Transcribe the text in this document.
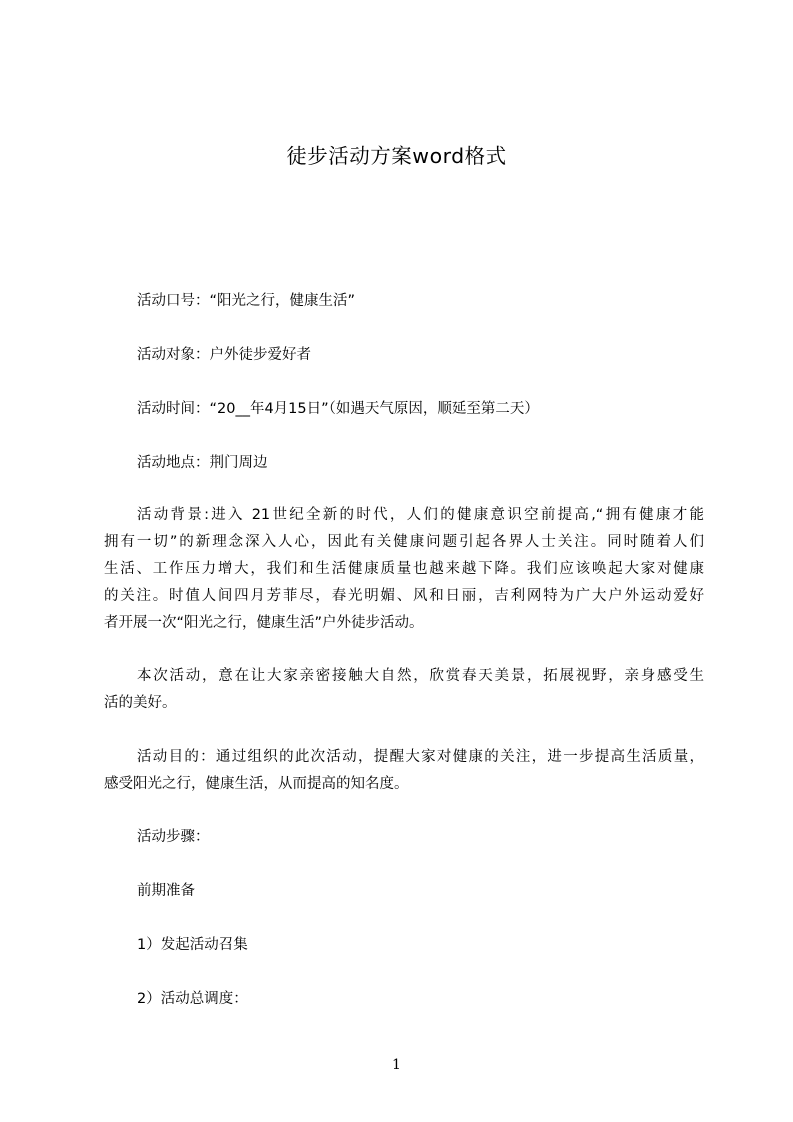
徒步活动方案word格式
活动口号：“阳光之行，健康生活”
活动对象：户外徒步爱好者
活动时间：“20__年4月15日”（如遇天气原因，顺延至第二天）
活动地点：荆门周边
活动背景:进入 21世纪全新的时代，人们的健康意识空前提高,“拥有健康才能
拥有一切”的新理念深入人心，因此有关健康问题引起各界人士关注。同时随着人们
生活、工作压力增大，我们和生活健康质量也越来越下降。我们应该唤起大家对健康
的关注。时值人间四月芳菲尽，春光明媚、风和日丽，吉利网特为广大户外运动爱好
者开展一次“阳光之行，健康生活”户外徒步活动。
本次活动，意在让大家亲密接触大自然，欣赏春天美景，拓展视野，亲身感受生
活的美好。
活动目的：通过组织的此次活动，提醒大家对健康的关注，进一步提高生活质量，
感受阳光之行，健康生活，从而提高的知名度。
活动步骤：
前期准备
1）发起活动召集
2）活动总调度：
1
